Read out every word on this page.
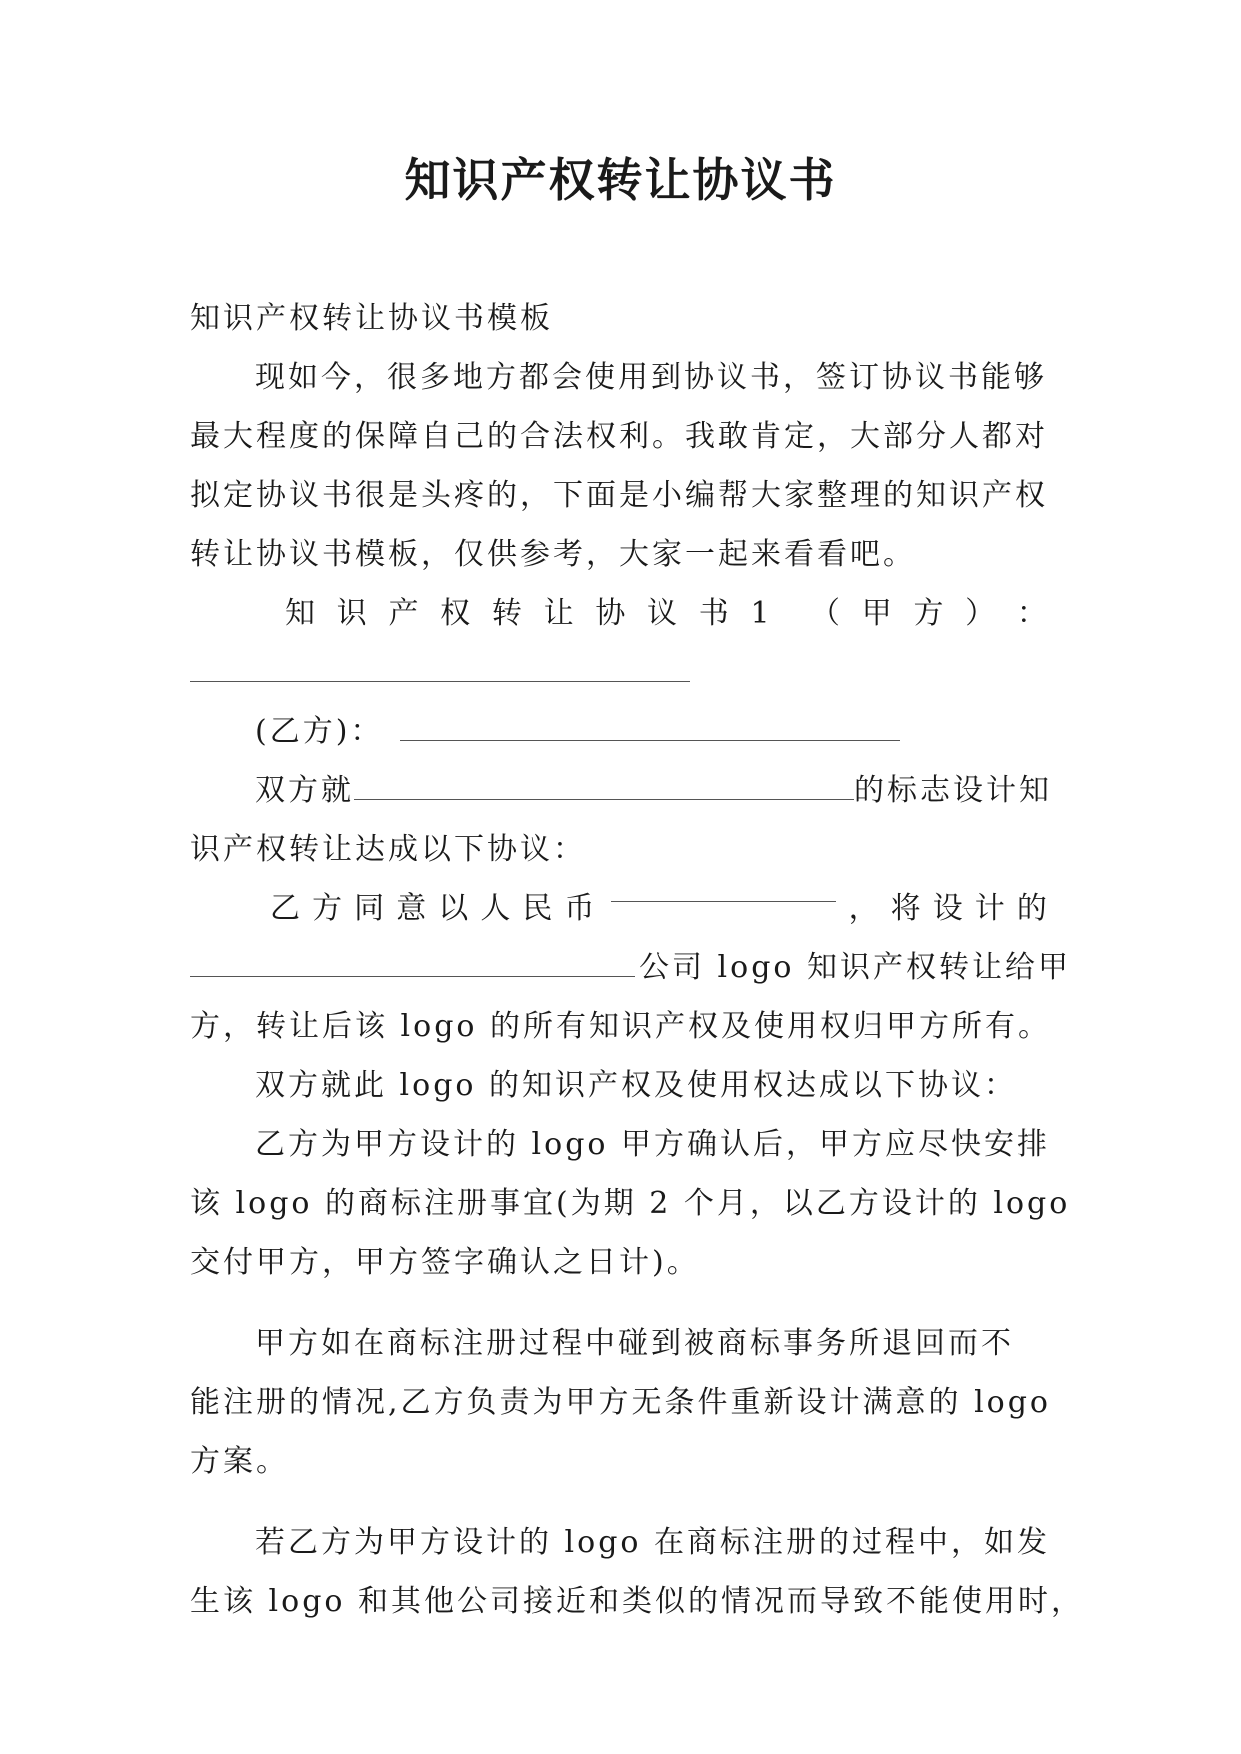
知识产权转让协议书
知识产权转让协议书模板
现如今，很多地方都会使用到协议书，签订协议书能够
最大程度的保障自己的合法权利。我敢肯定，大部分人都对
拟定协议书很是头疼的，下面是小编帮大家整理的知识产权
转让协议书模板，仅供参考，大家一起来看看吧。
知 识 产 权 转 让 协 议 书 1 （ 甲 方 ） ：
(乙方)：
双方就	的标志设计知
识产权转让达成以下协议：
乙 方 同 意 以 人 民 币	， 将 设 计 的
公司 logo 知识产权转让给甲
方，转让后该 logo 的所有知识产权及使用权归甲方所有。
双方就此 logo 的知识产权及使用权达成以下协议：
乙方为甲方设计的 logo 甲方确认后，甲方应尽快安排
该 logo 的商标注册事宜(为期 2 个月，以乙方设计的 logo
交付甲方，甲方签字确认之日计)。
甲方如在商标注册过程中碰到被商标事务所退回而不
能注册的情况,乙方负责为甲方无条件重新设计满意的 logo
方案。
若乙方为甲方设计的 logo 在商标注册的过程中，如发
生该 logo 和其他公司接近和类似的情况而导致不能使用时，
